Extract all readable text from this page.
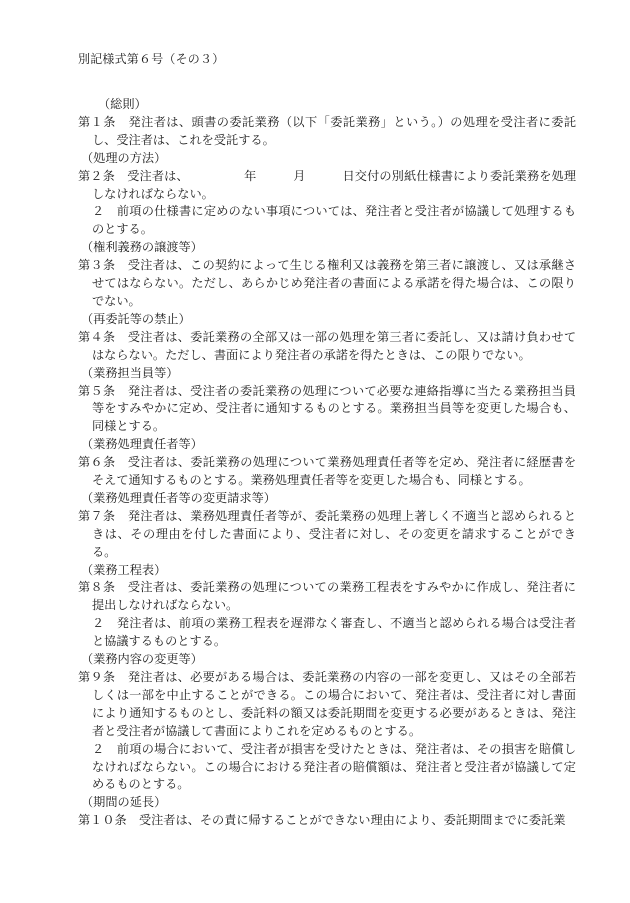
別記様式第６号（その３）
（総則）
第１条　 発注者は、頭書の委託業務（以下「委託業務」という。）の処理を受注者に委託し、受注者は、これを受託する。
（処理の方法）
第２条　 受注者は、　　　　　年　　　月　　　日交付の別紙仕様書により委託業務を処理しなければならない。
２　前項の仕様書に定めのない事項については、発注者と受注者が協議して処理するものとする。
（権利義務の譲渡等）
第３条　 受注者は、この契約によって生じる権利又は義務を第三者に譲渡し、又は承継させてはならない。ただし、あらかじめ発注者の書面による承諾を得た場合は、この限りでない。
（再委託等の禁止）
第４条　 受注者は、委託業務の全部又は一部の処理を第三者に委託し、又は請け負わせてはならない。ただし、書面により発注者の承諾を得たときは、この限りでない。
（業務担当員等）
第５条　 発注者は、受注者の委託業務の処理について必要な連絡指導に当たる業務担当員等をすみやかに定め、受注者に通知するものとする。業務担当員等を変更した場合も、同様とする。
（業務処理責任者等）
第６条　 受注者は、委託業務の処理について業務処理責任者等を定め、発注者に経歴書をそえて通知するものとする。業務処理責任者等を変更した場合も、同様とする。
（業務処理責任者等の変更請求等）
第７条　 発注者は、業務処理責任者等が、委託業務の処理上著しく不適当と認められるときは、その理由を付した書面により、受注者に対し、その変更を請求することができる。
（業務工程表）
第８条　 受注者は、委託業務の処理についての業務工程表をすみやかに作成し、発注者に提出しなければならない。
２　発注者は、前項の業務工程表を遅滞なく審査し、不適当と認められる場合は受注者と協議するものとする。
（業務内容の変更等）
第９条　 発注者は、必要がある場合は、委託業務の内容の一部を変更し、又はその全部若しくは一部を中止することができる。この場合において、発注者は、受注者に対し書面により通知するものとし、委託料の額又は委託期間を変更する必要があるときは、発注者と受注者が協議して書面によりこれを定めるものとする。
２　前項の場合において、受注者が損害を受けたときは、発注者は、その損害を賠償しなければならない。この場合における発注者の賠償額は、発注者と受注者が協議して定めるものとする。
（期間の延長）
第１０条　 受注者は、その責に帰することができない理由により、委託期間までに委託業
